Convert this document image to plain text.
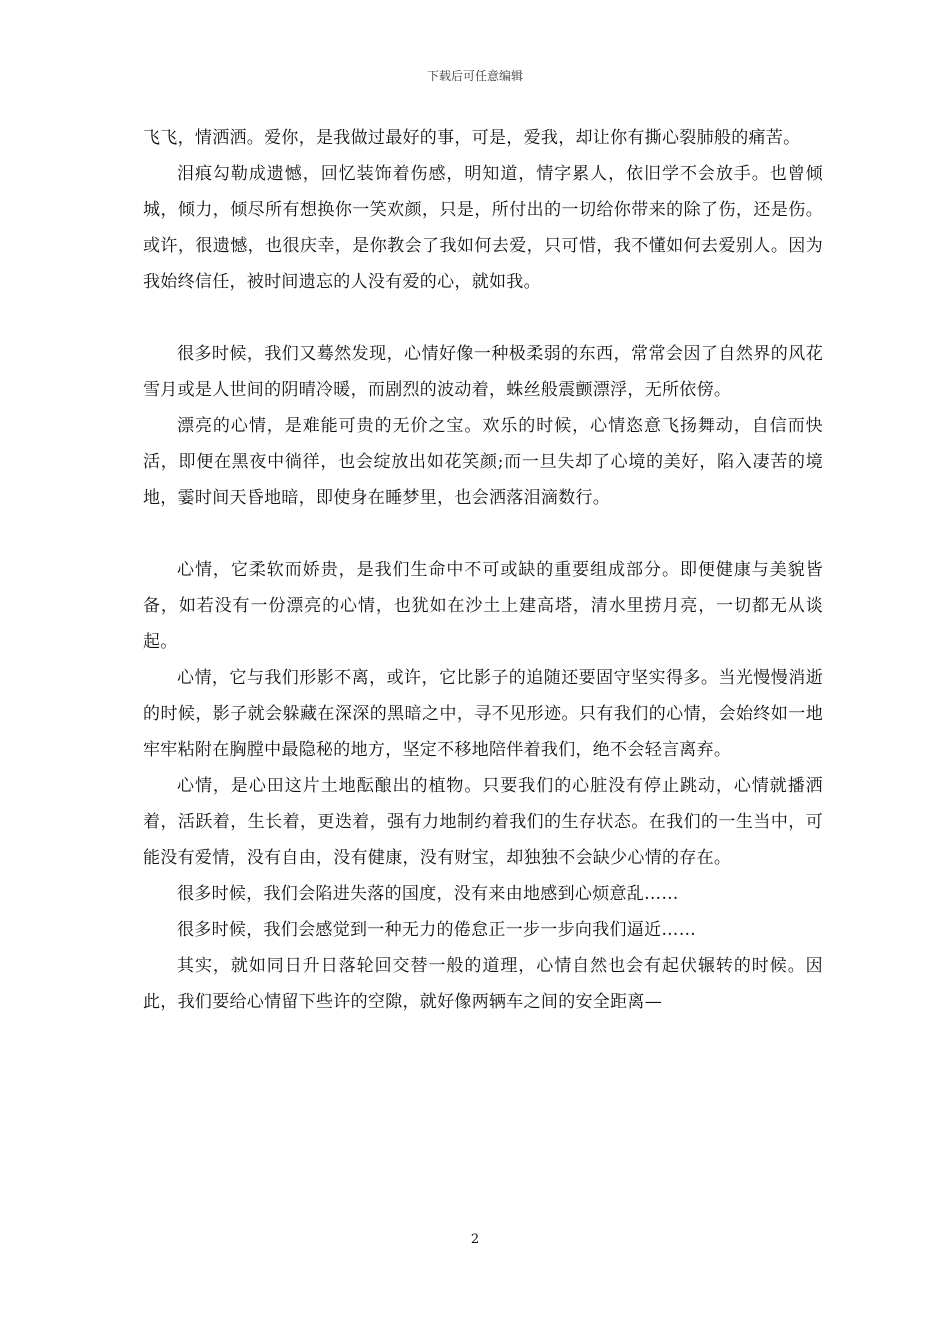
下载后可任意编辑

飞飞，情洒洒。爱你，是我做过最好的事，可是，爱我，却让你有撕心裂肺般的痛苦。

泪痕勾勒成遗憾，回忆装饰着伤感，明知道，情字累人，依旧学不会放手。也曾倾城，倾力，倾尽所有想换你一笑欢颜，只是，所付出的一切给你带来的除了伤，还是伤。或许，很遗憾，也很庆幸，是你教会了我如何去爱，只可惜，我不懂如何去爱别人。因为我始终信任，被时间遗忘的人没有爱的心，就如我。

很多时候，我们又蓦然发现，心情好像一种极柔弱的东西，常常会因了自然界的风花雪月或是人世间的阴晴冷暖，而剧烈的波动着，蛛丝般震颤漂浮，无所依傍。

漂亮的心情，是难能可贵的无价之宝。欢乐的时候，心情恣意飞扬舞动，自信而快活，即便在黑夜中徜徉，也会绽放出如花笑颜;而一旦失却了心境的美好，陷入凄苦的境地，霎时间天昏地暗，即使身在睡梦里，也会洒落泪滴数行。

心情，它柔软而娇贵，是我们生命中不可或缺的重要组成部分。即便健康与美貌皆备，如若没有一份漂亮的心情，也犹如在沙土上建高塔，清水里捞月亮，一切都无从谈起。

心情，它与我们形影不离，或许，它比影子的追随还要固守坚实得多。当光慢慢消逝的时候，影子就会躲藏在深深的黑暗之中，寻不见形迹。只有我们的心情，会始终如一地牢牢粘附在胸膛中最隐秘的地方，坚定不移地陪伴着我们，绝不会轻言离弃。

心情，是心田这片土地酝酿出的植物。只要我们的心脏没有停止跳动，心情就播洒着，活跃着，生长着，更迭着，强有力地制约着我们的生存状态。在我们的一生当中，可能没有爱情，没有自由，没有健康，没有财宝，却独独不会缺少心情的存在。

很多时候，我们会陷进失落的国度，没有来由地感到心烦意乱……

很多时候，我们会感觉到一种无力的倦怠正一步一步向我们逼近……

其实，就如同日升日落轮回交替一般的道理，心情自然也会有起伏辗转的时候。因此，我们要给心情留下些许的空隙，就好像两辆车之间的安全距离—

2
